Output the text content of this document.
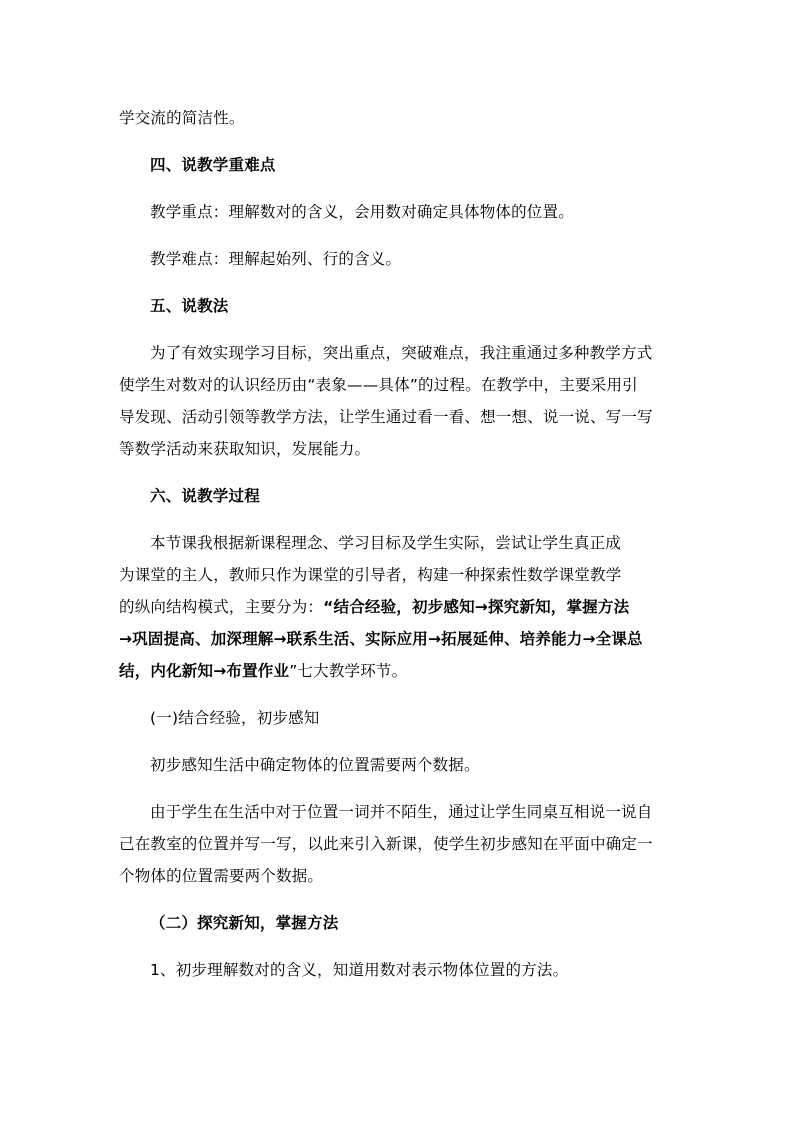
学交流的简洁性。
四、说教学重难点
教学重点：理解数对的含义，会用数对确定具体物体的位置。
教学难点：理解起始列、行的含义。
五、说教法
为了有效实现学习目标，突出重点，突破难点，我注重通过多种教学方式
使学生对数对的认识经历由“表象——具体”的过程。在教学中，主要采用引
导发现、活动引领等教学方法，让学生通过看一看、想一想、说一说、写一写
等数学活动来获取知识，发展能力。
六、说教学过程
本节课我根据新课程理念、学习目标及学生实际，尝试让学生真正成
为课堂的主人，教师只作为课堂的引导者，构建一种探索性数学课堂教学
的纵向结构模式，主要分为：“结合经验，初步感知→探究新知，掌握方法
→巩固提高、加深理解→联系生活、实际应用→拓展延伸、培养能力→全课总
结，内化新知→布置作业”七大教学环节。
(一)结合经验，初步感知
初步感知生活中确定物体的位置需要两个数据。
由于学生在生活中对于位置一词并不陌生，通过让学生同桌互相说一说自
己在教室的位置并写一写，以此来引入新课，使学生初步感知在平面中确定一
个物体的位置需要两个数据。
（二）探究新知，掌握方法
1、初步理解数对的含义，知道用数对表示物体位置的方法。
